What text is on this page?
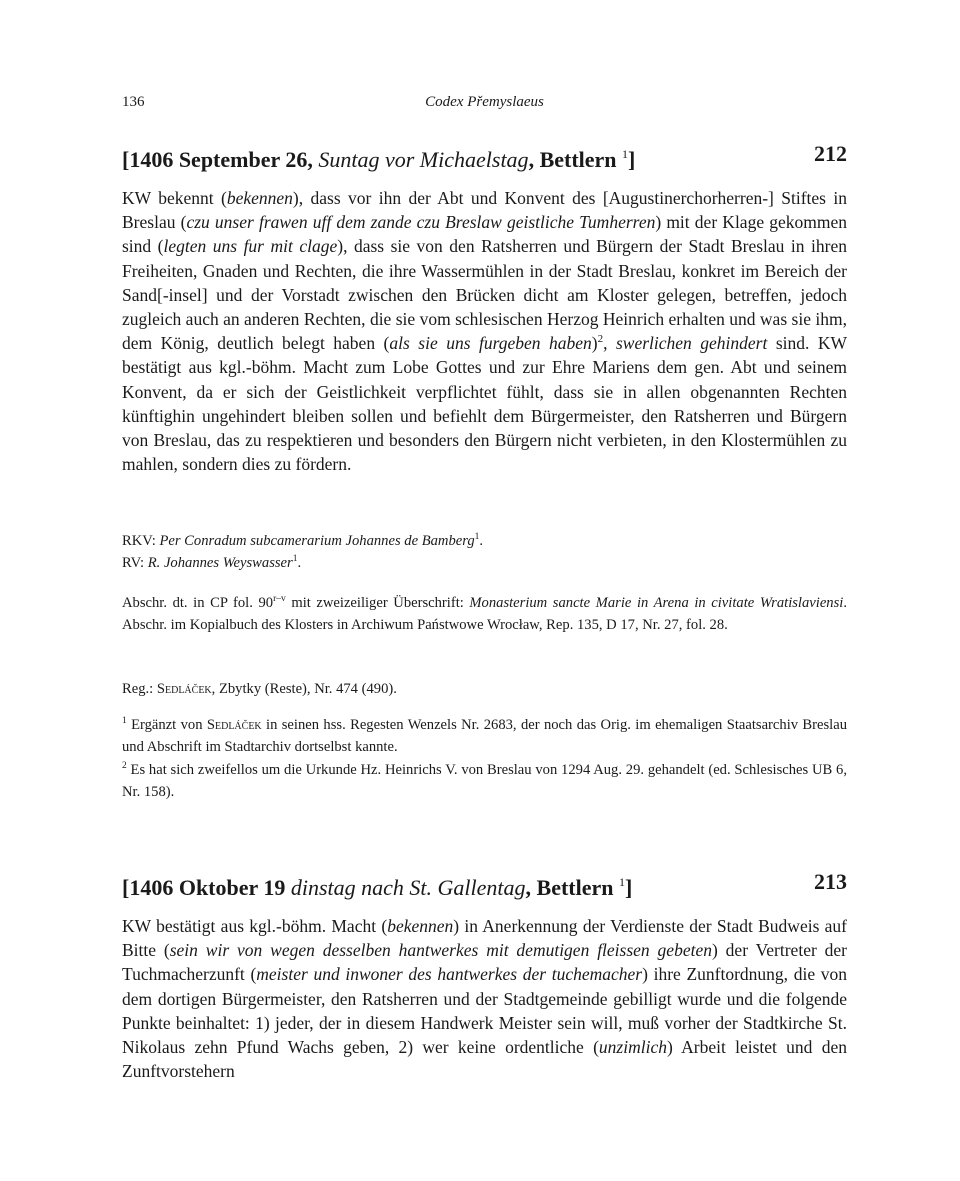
136	Codex Přemyslaeus
[1406 September 26, Suntag vor Michaelstag, Bettlern $^1$]	212
KW bekennt (bekennen), dass vor ihn der Abt und Konvent des [Augustinerchorherren-] Stiftes in Breslau (czu unser frawen uff dem zande czu Breslaw geistliche Tumherren) mit der Klage gekommen sind (legten uns fur mit clage), dass sie von den Ratsherren und Bürgern der Stadt Breslau in ihren Freiheiten, Gnaden und Rechten, die ihre Wassermühlen in der Stadt Breslau, konkret im Bereich der Sand[-insel] und der Vorstadt zwischen den Brücken dicht am Kloster gelegen, betreffen, jedoch zugleich auch an anderen Rechten, die sie vom schlesischen Herzog Heinrich erhalten und was sie ihm, dem König, deutlich belegt haben (als sie uns furgeben haben)$^2$, swerlichen gehindert sind. KW bestätigt aus kgl.-böhm. Macht zum Lobe Gottes und zur Ehre Mariens dem gen. Abt und seinem Konvent, da er sich der Geistlichkeit verpflichtet fühlt, dass sie in allen obgenannten Rechten künftighin ungehindert bleiben sollen und befiehlt dem Bürgermeister, den Ratsherren und Bürgern von Breslau, das zu respektieren und besonders den Bürgern nicht verbieten, in den Klostermühlen zu mahlen, sondern dies zu fördern.
RKV: Per Conradum subcamerarium Johannes de Bamberg$^1$.
RV: R. Johannes Weyswasser$^1$.
Abschr. dt. in CP fol. 90$^{r-v}$ mit zweizeiliger Überschrift: Monasterium sancte Marie in Arena in civitate Wratislaviensi. Abschr. im Kopialbuch des Klosters in Archiwum Państwowe Wrocław, Rep. 135, D 17, Nr. 27, fol. 28.
Reg.: Sedláček, Zbytky (Reste), Nr. 474 (490).
$^1$ Ergänzt von Sedláček in seinen hss. Regesten Wenzels Nr. 2683, der noch das Orig. im ehemaligen Staatsarchiv Breslau und Abschrift im Stadtarchiv dortselbst kannte.
$^2$ Es hat sich zweifellos um die Urkunde Hz. Heinrichs V. von Breslau von 1294 Aug. 29. gehandelt (ed. Schlesisches UB 6, Nr. 158).
[1406 Oktober 19 dinstag nach St. Gallentag, Bettlern $^1$]	213
KW bestätigt aus kgl.-böhm. Macht (bekennen) in Anerkennung der Verdienste der Stadt Budweis auf Bitte (sein wir von wegen desselben hantwerkes mit demutigen fleissen gebeten) der Vertreter der Tuchmacherzunft (meister und inwoner des hantwerkes der tuchemacher) ihre Zunftordnung, die von dem dortigen Bürgermeister, den Ratsherren und der Stadtgemeinde gebilligt wurde und die folgende Punkte beinhaltet: 1) jeder, der in diesem Handwerk Meister sein will, muß vorher der Stadtkirche St. Nikolaus zehn Pfund Wachs geben, 2) wer keine ordentliche (unzimlich) Arbeit leistet und den Zunftvorstehern
